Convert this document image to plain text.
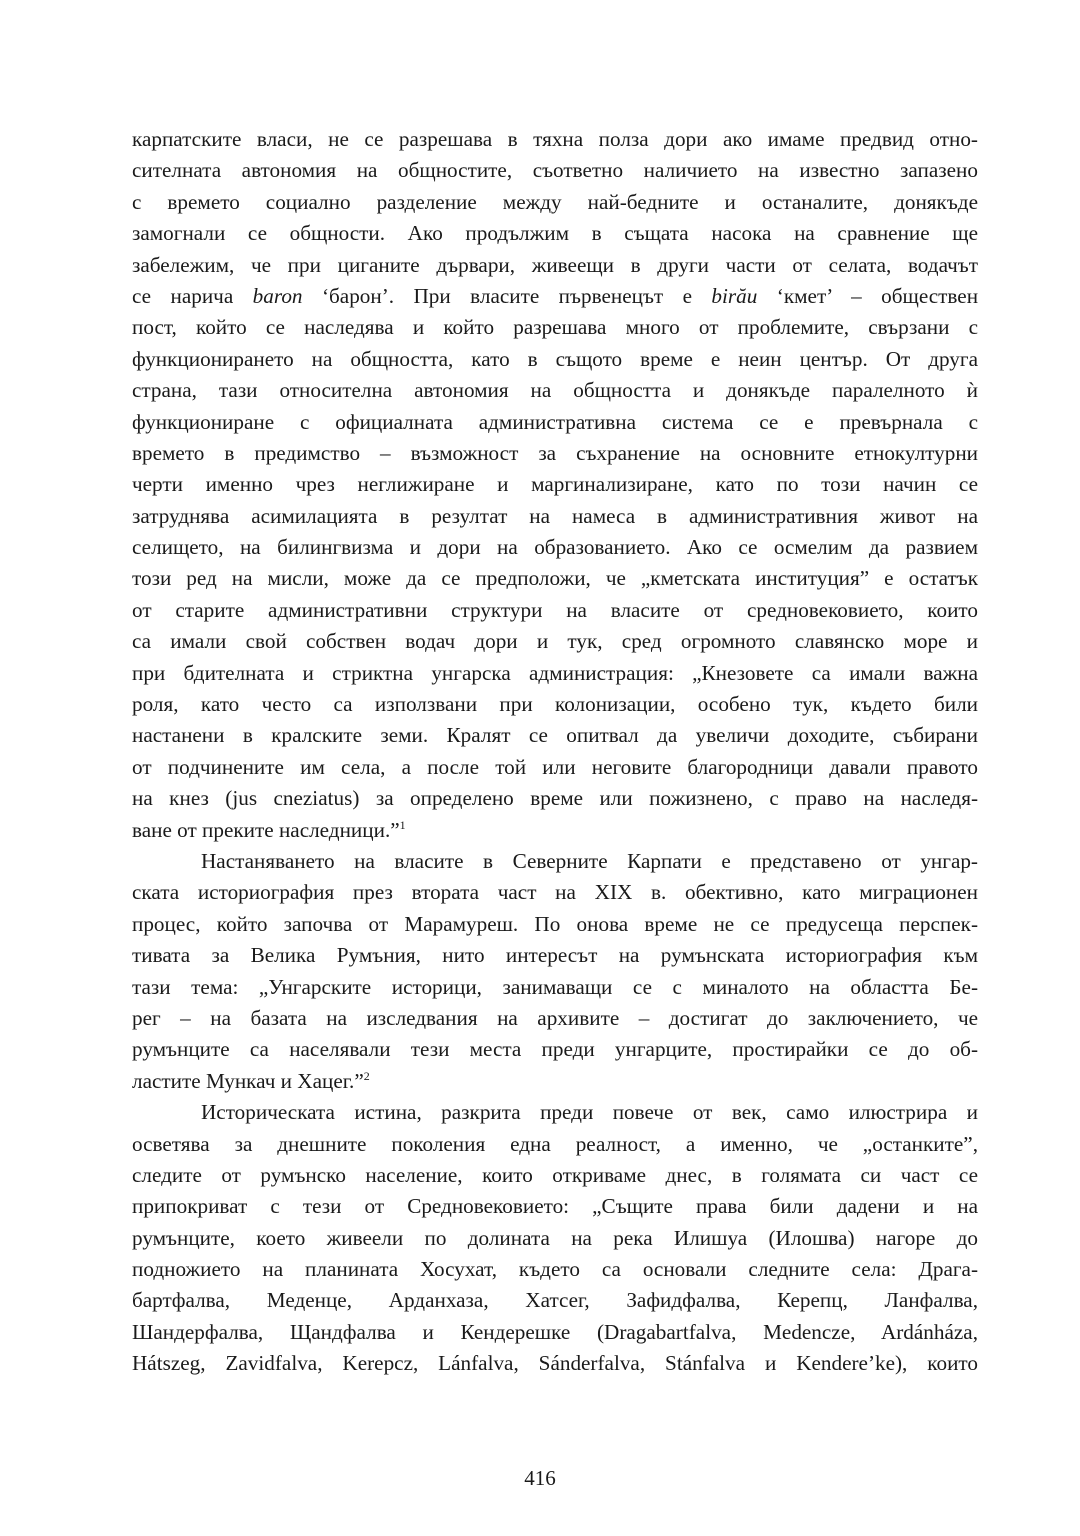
карпатските власи, не се разрешава в тяхна полза дори ако имаме предвид отно-
сителната автономия на общностите, съответно наличието на известно запазено
с времето социално разделение между най-бедните и останалите, донякъде
замогнали се общности. Ако продължим в същата насока на сравнение ще
забележим, че при циганите дървари, живеещи в други части от селата, водачът
се нарича baron ‘барон’. При власите първенецът е birău ‘кмет’ – обществен
пост, който се наследява и който разрешава много от проблемите, свързани с
функционирането на общността, като в същото време е неин център. От друга
страна, тази относителна автономия на общността и донякъде паралелното ѝ
функциониране с официалната административна система се е превърнала с
времето в предимство – възможност за съхранение на основните етнокултурни
черти именно чрез неглижиране и маргинализиране, като по този начин се
затруднява асимилацията в резултат на намеса в административния живот на
селището, на билингвизма и дори на образованието. Ако се осмелим да развием
този ред на мисли, може да се предположи, че „кметската институция” е остатък
от старите административни структури на власите от средновековието, които
са имали свой собствен водач дори и тук, сред огромното славянско море и
при бдителната и стриктна унгарска администрация: „Кнезовете са имали важна
роля, като често са използвани при колонизации, особено тук, където били
настанени в кралските земи. Кралят се опитвал да увеличи доходите, събирани
от подчинените им села, а после той или неговите благородници давали правото
на кнез (jus cneziatus) за определено време или пожизнено, с право на наследя-
ване от преките наследници.”$^1$
Настаняването на власите в Северните Карпати е представено от унгар-
ската историография през втората част на XIX в. обективно, като миграционен
процес, който започва от Марамуреш. По онова време не се предусеща перспек-
тивата за Велика Румъния, нито интересът на румънската историография към
тази тема: „Унгарските историци, занимаващи се с миналото на областта Бе-
рег – на базата на изследвания на архивите – достигат до заключението, че
румънците са населявали тези места преди унгарците, простирайки се до об-
ластите Мункач и Хацег.”$^2$
Историческата истина, разкрита преди повече от век, само илюстрира и
осветява за днешните поколения една реалност, а именно, че „останките”,
следите от румънско население, които откриваме днес, в голямата си част се
припокриват с тези от Средновековието: „Същите права били дадени и на
румънците, което живеели по долината на река Илишуа (Илошва) нагоре до
подножието на планината Хосухат, където са основали следните села: Драга-
бартфалва, Меденце, Арданхаза, Хатсег, Зафидфалва, Керепц, Ланфалва,
Шандерфалва, Щандфалва и Кендерешке (Dragabartfalva, Medencze, Ardánháza,
Hátszeg, Zavidfalva, Kerepcz, Lánfalva, Sánderfalva, Stánfalva и Kendere’ke), които
416
